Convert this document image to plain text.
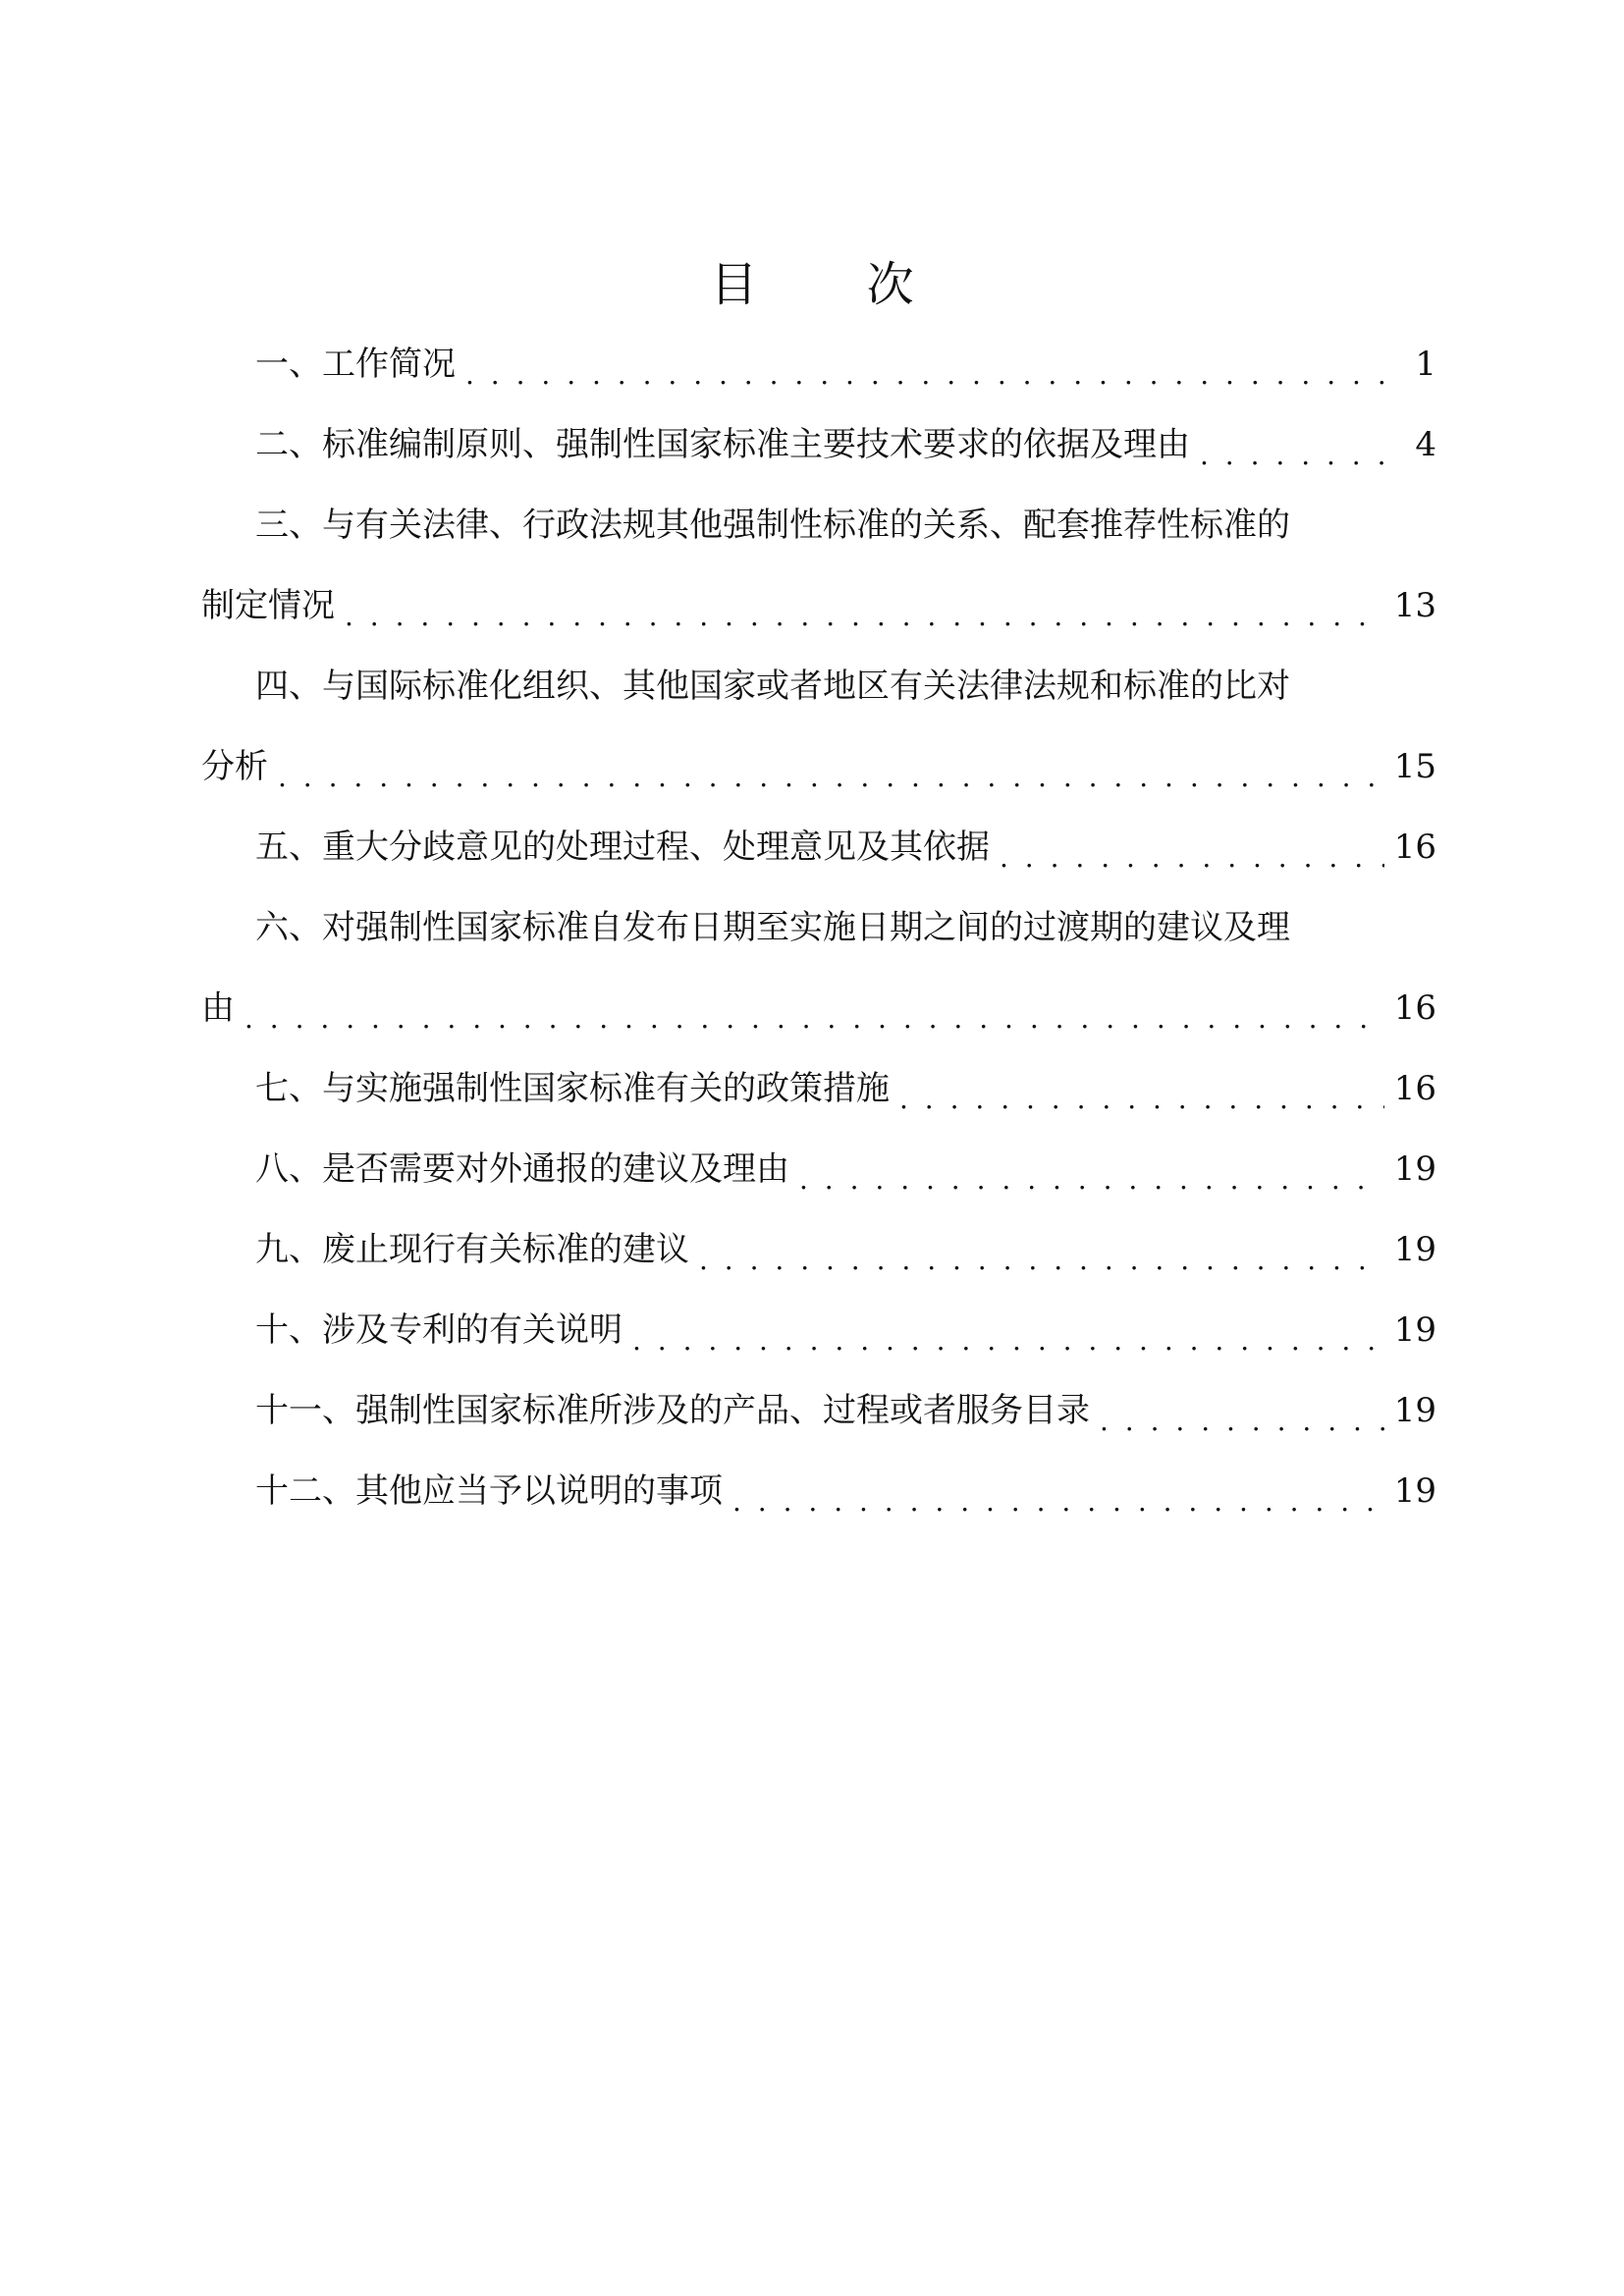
目 次
一、工作简况 . . .	1
二、标准编制原则、强制性国家标准主要技术要求的依据及理由 . . .	4
三、与有关法律、行政法规其他强制性标准的关系、配套推荐性标准的
制定情况 . . .	13
四、与国际标准化组织、其他国家或者地区有关法律法规和标准的比对
分析 . . .	15
五、重大分歧意见的处理过程、处理意见及其依据 . . .	16
六、对强制性国家标准自发布日期至实施日期之间的过渡期的建议及理
由 . . .	16
七、与实施强制性国家标准有关的政策措施 . . .	16
八、是否需要对外通报的建议及理由 . . .	19
九、废止现行有关标准的建议 . . .	19
十、涉及专利的有关说明 . . .	19
十一、强制性国家标准所涉及的产品、过程或者服务目录 . . .	19
十二、其他应当予以说明的事项 . . .	19
